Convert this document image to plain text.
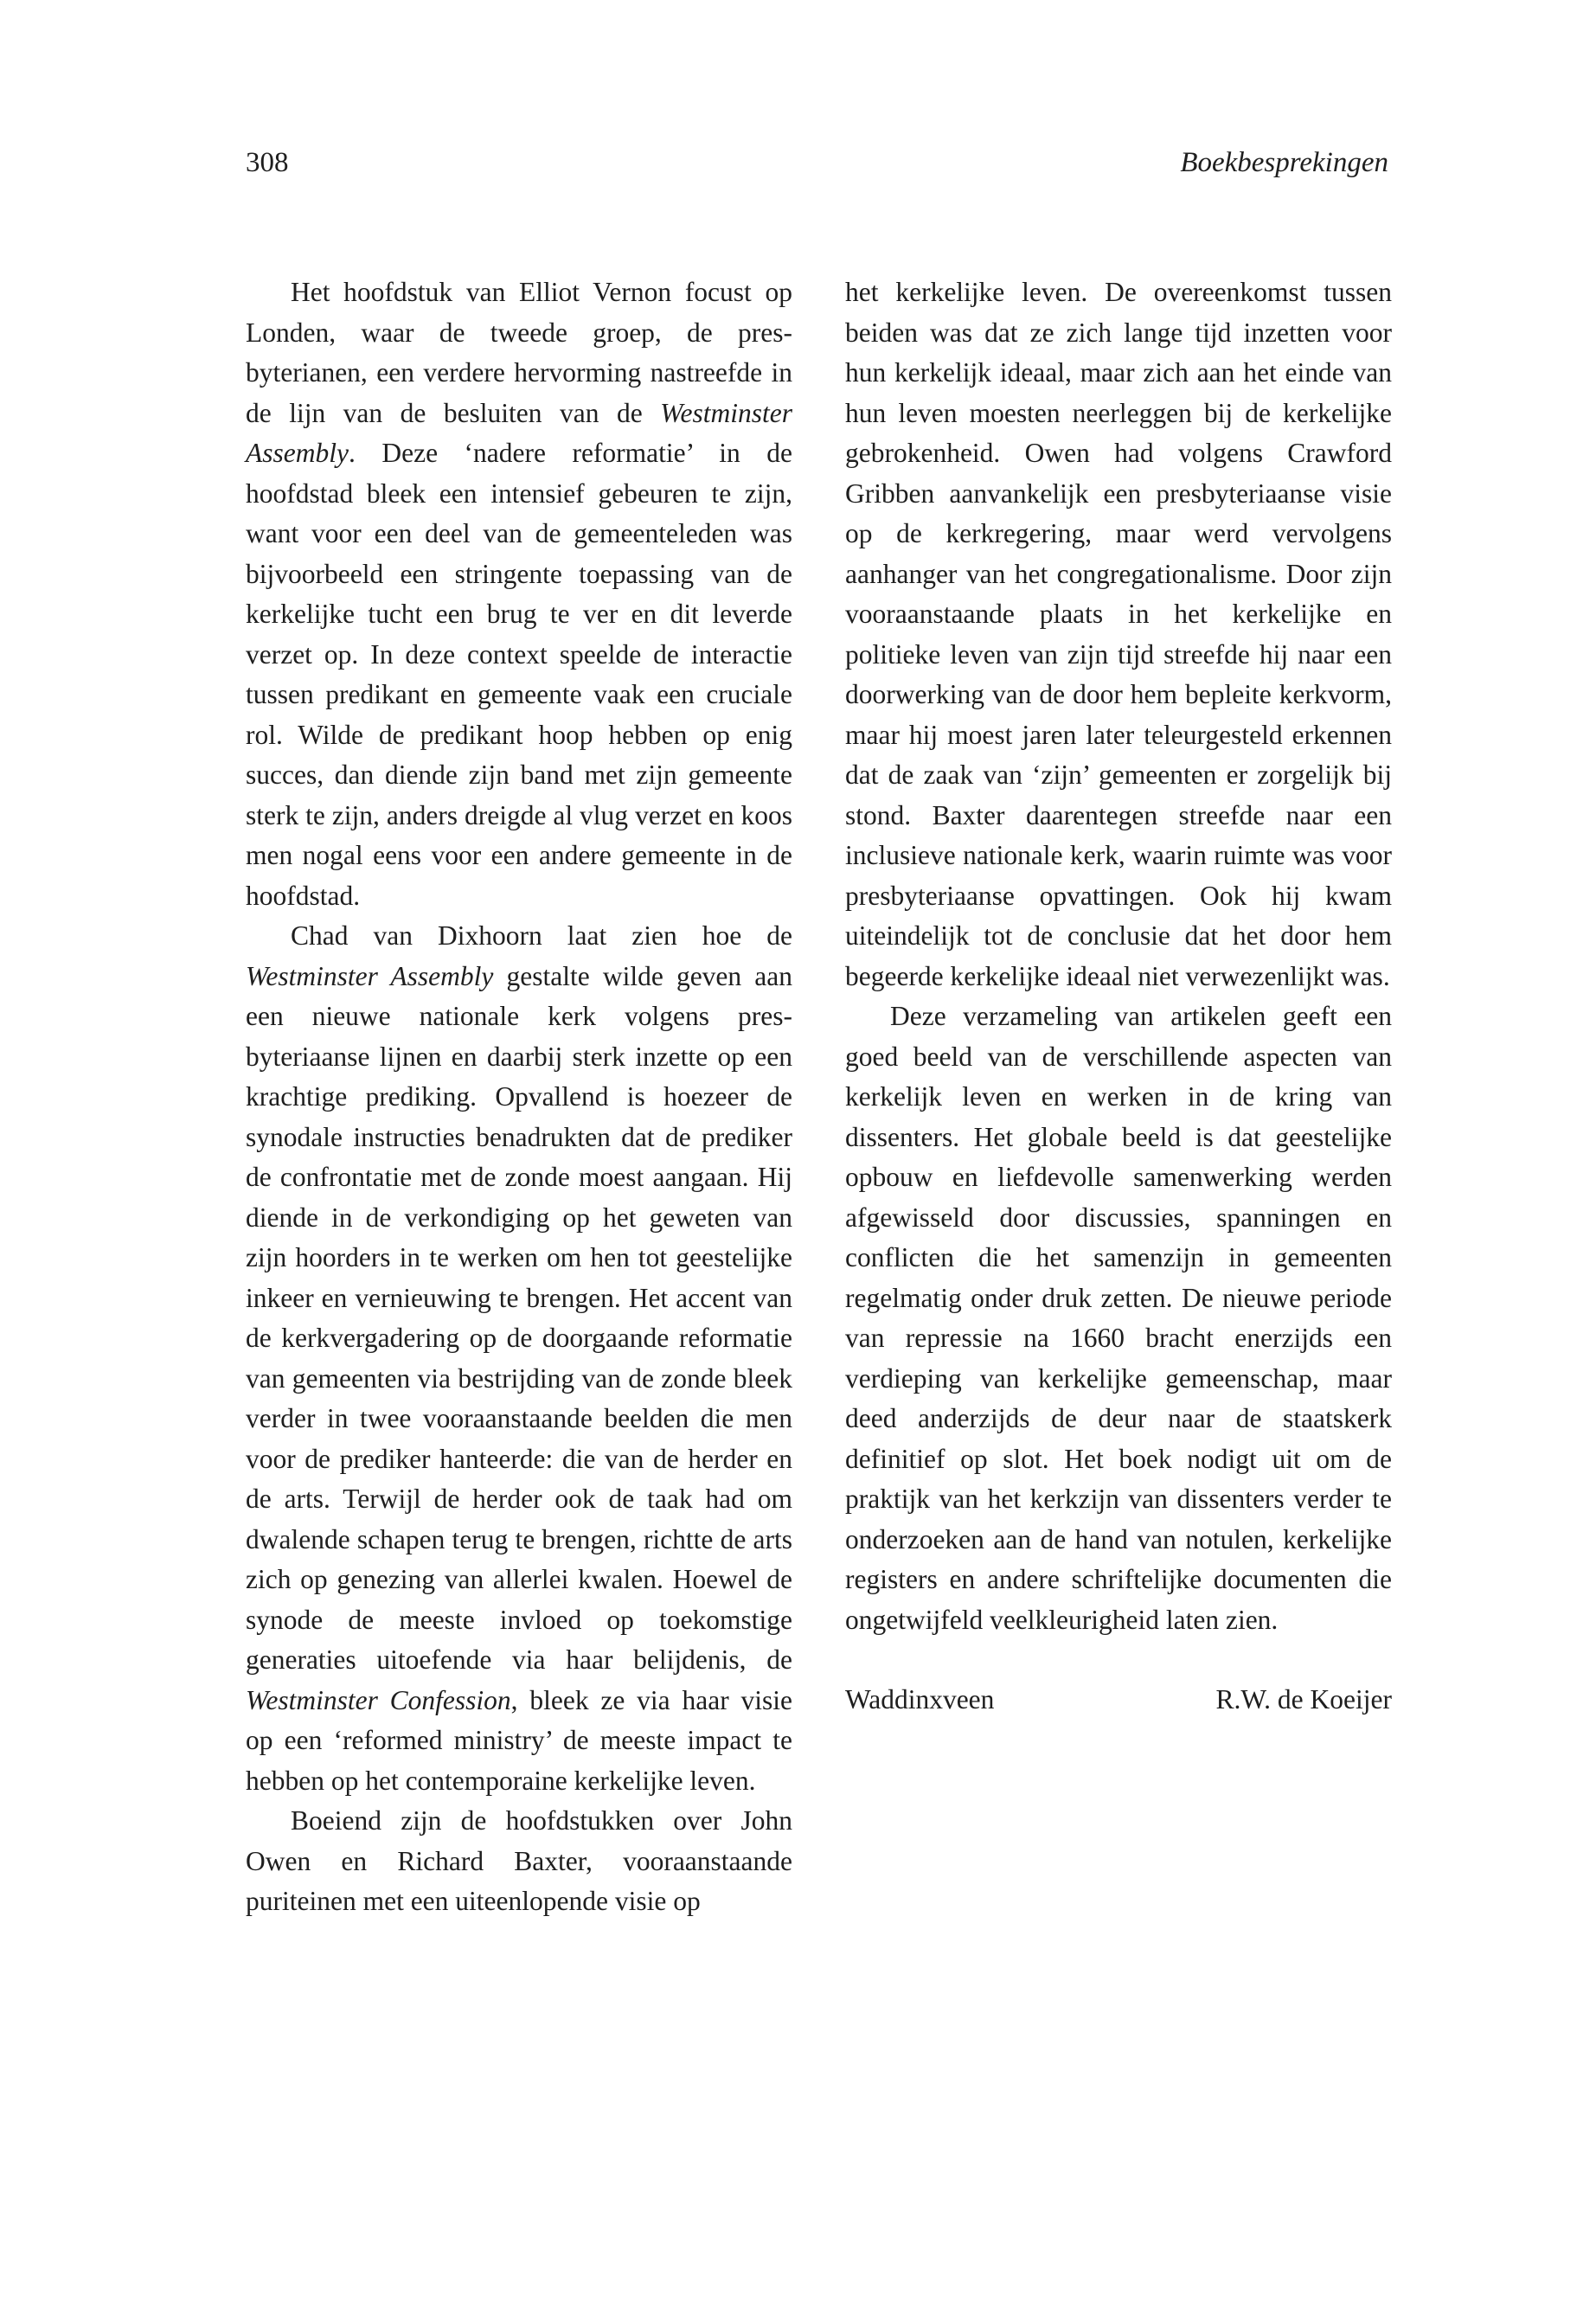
308	Boekbesprekingen

Het hoofdstuk van Elliot Vernon focust op Londen, waar de tweede groep, de presbyterianen, een verdere hervorming nastreefde in de lijn van de besluiten van de Westminster Assembly. Deze ‘nadere reformatie’ in de hoofdstad bleek een intensief gebeuren te zijn, want voor een deel van de gemeenteleden was bijvoorbeeld een stringente toepassing van de kerkelijke tucht een brug te ver en dit leverde verzet op. In deze context speelde de interactie tussen predikant en gemeente vaak een cruciale rol. Wilde de predikant hoop hebben op enig succes, dan diende zijn band met zijn gemeente sterk te zijn, anders dreigde al vlug verzet en koos men nogal eens voor een andere gemeente in de hoofdstad.

Chad van Dixhoorn laat zien hoe de Westminster Assembly gestalte wilde geven aan een nieuwe nationale kerk volgens presbyteriaanse lijnen en daarbij sterk inzette op een krachtige prediking. Opvallend is hoezeer de synodale instructies benadrukten dat de prediker de confrontatie met de zonde moest aangaan. Hij diende in de verkondiging op het geweten van zijn hoorders in te werken om hen tot geestelijke inkeer en vernieuwing te brengen. Het accent van de kerkvergadering op de doorgaande reformatie van gemeenten via bestrijding van de zonde bleek verder in twee vooraanstaande beelden die men voor de prediker hanteerde: die van de herder en de arts. Terwijl de herder ook de taak had om dwalende schapen terug te brengen, richtte de arts zich op genezing van allerlei kwalen. Hoewel de synode de meeste invloed op toekomstige generaties uitoefende via haar belijdenis, de Westminster Confession, bleek ze via haar visie op een ‘reformed ministry’ de meeste impact te hebben op het contemporaine kerkelijke leven.

Boeiend zijn de hoofdstukken over John Owen en Richard Baxter, vooraanstaande puriteinen met een uiteenlopende visie op

het kerkelijke leven. De overeenkomst tussen beiden was dat ze zich lange tijd inzetten voor hun kerkelijk ideaal, maar zich aan het einde van hun leven moesten neerleggen bij de kerkelijke gebrokenheid. Owen had volgens Crawford Gribben aanvankelijk een presbyteriaanse visie op de kerkregering, maar werd vervolgens aanhanger van het congregationalisme. Door zijn vooraanstaande plaats in het kerkelijke en politieke leven van zijn tijd streefde hij naar een doorwerking van de door hem bepleite kerkvorm, maar hij moest jaren later teleurgesteld erkennen dat de zaak van ‘zijn’ gemeenten er zorgelijk bij stond. Baxter daarentegen streefde naar een inclusieve nationale kerk, waarin ruimte was voor presbyteriaanse opvattingen. Ook hij kwam uiteindelijk tot de conclusie dat het door hem begeerde kerkelijke ideaal niet verwezenlijkt was.

Deze verzameling van artikelen geeft een goed beeld van de verschillende aspecten van kerkelijk leven en werken in de kring van dissenters. Het globale beeld is dat geestelijke opbouw en liefdevolle samenwerking werden afgewisseld door discussies, spanningen en conflicten die het samenzijn in gemeenten regelmatig onder druk zetten. De nieuwe periode van repressie na 1660 bracht enerzijds een verdieping van kerkelijke gemeenschap, maar deed anderzijds de deur naar de staatskerk definitief op slot. Het boek nodigt uit om de praktijk van het kerkzijn van dissenters verder te onderzoeken aan de hand van notulen, kerkelijke registers en andere schriftelijke documenten die ongetwijfeld veelkleurigheid laten zien.

Waddinxveen	R.W. de Koeijer
